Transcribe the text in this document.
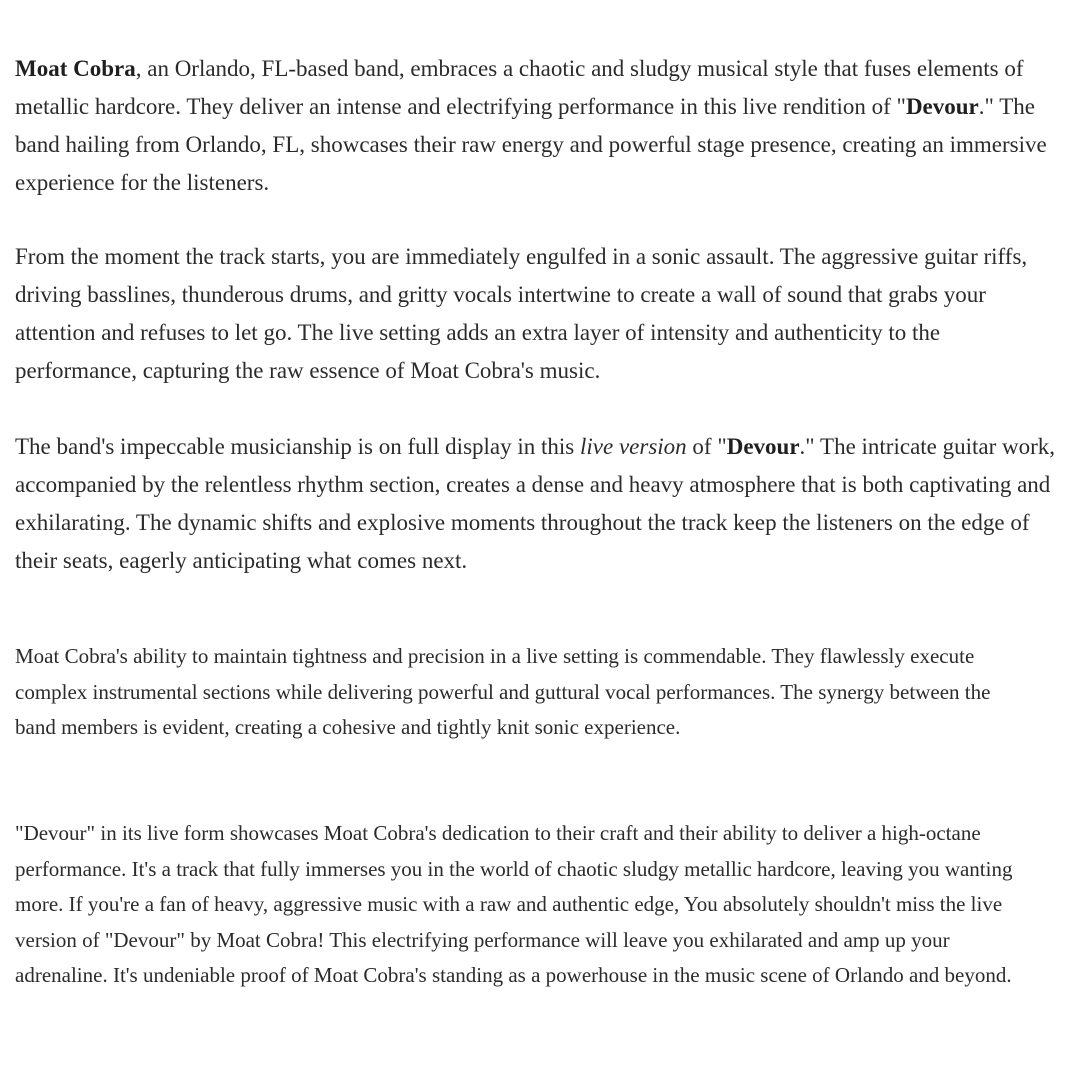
Moat Cobra, an Orlando, FL-based band, embraces a chaotic and sludgy musical style that fuses elements of metallic hardcore. They deliver an intense and electrifying performance in this live rendition of "Devour." The band hailing from Orlando, FL, showcases their raw energy and powerful stage presence, creating an immersive experience for the listeners.

From the moment the track starts, you are immediately engulfed in a sonic assault. The aggressive guitar riffs, driving basslines, thunderous drums, and gritty vocals intertwine to create a wall of sound that grabs your attention and refuses to let go. The live setting adds an extra layer of intensity and authenticity to the performance, capturing the raw essence of Moat Cobra's music.

The band's impeccable musicianship is on full display in this live version of "Devour." The intricate guitar work, accompanied by the relentless rhythm section, creates a dense and heavy atmosphere that is both captivating and exhilarating. The dynamic shifts and explosive moments throughout the track keep the listeners on the edge of their seats, eagerly anticipating what comes next.

Moat Cobra's ability to maintain tightness and precision in a live setting is commendable. They flawlessly execute complex instrumental sections while delivering powerful and guttural vocal performances. The synergy between the band members is evident, creating a cohesive and tightly knit sonic experience.

"Devour" in its live form showcases Moat Cobra's dedication to their craft and their ability to deliver a high-octane performance. It's a track that fully immerses you in the world of chaotic sludgy metallic hardcore, leaving you wanting more. If you're a fan of heavy, aggressive music with a raw and authentic edge, You absolutely shouldn't miss the live version of "Devour" by Moat Cobra! This electrifying performance will leave you exhilarated and amp up your adrenaline. It's undeniable proof of Moat Cobra's standing as a powerhouse in the music scene of Orlando and beyond.
